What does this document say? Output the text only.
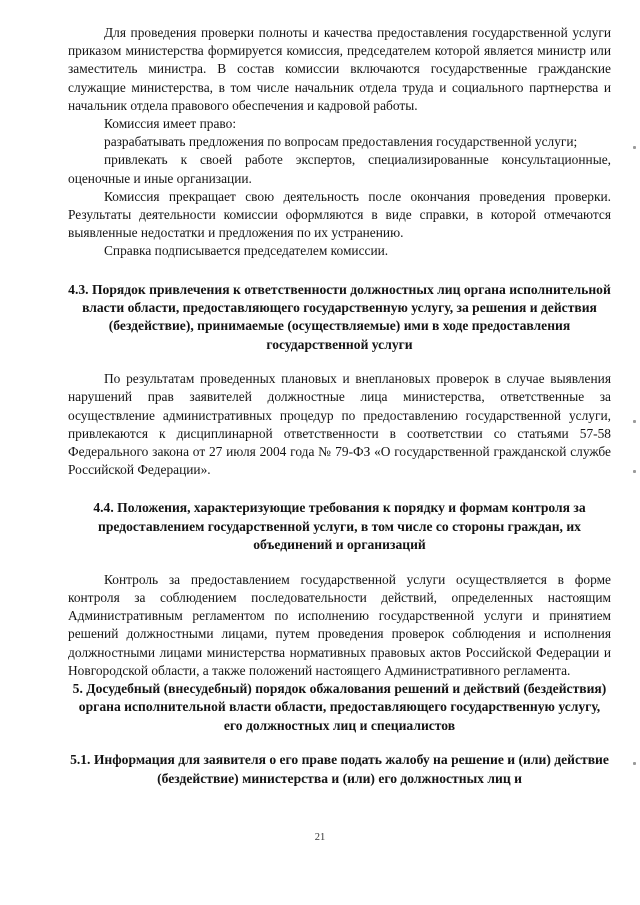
Для проведения проверки полноты и качества предоставления государственной услуги приказом министерства формируется комиссия, председателем которой является министр или заместитель министра. В состав комиссии включаются государственные гражданские служащие министерства, в том числе начальник отдела труда и социального партнерства и начальник отдела правового обеспечения и кадровой работы.

Комиссия имеет право:

разрабатывать предложения по вопросам предоставления государственной услуги;

привлекать к своей работе экспертов, специализированные консультационные, оценочные и иные организации.

Комиссия прекращает свою деятельность после окончания проведения проверки. Результаты деятельности комиссии оформляются в виде справки, в которой отмечаются выявленные недостатки и предложения по их устранению.

Справка подписывается председателем комиссии.

4.3. Порядок привлечения к ответственности должностных лиц органа исполнительной власти области, предоставляющего государственную услугу, за решения и действия (бездействие), принимаемые (осуществляемые) ими в ходе предоставления государственной услуги

По результатам проведенных плановых и внеплановых проверок в случае выявления нарушений прав заявителей должностные лица министерства, ответственные за осуществление административных процедур по предоставлению государственной услуги, привлекаются к дисциплинарной ответственности в соответствии со статьями 57-58 Федерального закона от 27 июля 2004 года № 79-ФЗ «О государственной гражданской службе Российской Федерации».

4.4. Положения, характеризующие требования к порядку и формам контроля за предоставлением государственной услуги, в том числе со стороны граждан, их объединений и организаций

Контроль за предоставлением государственной услуги осуществляется в форме контроля за соблюдением последовательности действий, определенных настоящим Административным регламентом по исполнению государственной услуги и принятием решений должностными лицами, путем проведения проверок соблюдения и исполнения должностными лицами министерства нормативных правовых актов Российской Федерации и Новгородской области, а также положений настоящего Административного регламента.

5. Досудебный (внесудебный) порядок обжалования решений и действий (бездействия) органа исполнительной власти области, предоставляющего государственную услугу, его должностных лиц и специалистов
5.1. Информация для заявителя о его праве подать жалобу на решение и (или) действие (бездействие) министерства и (или) его должностных лиц и
21
